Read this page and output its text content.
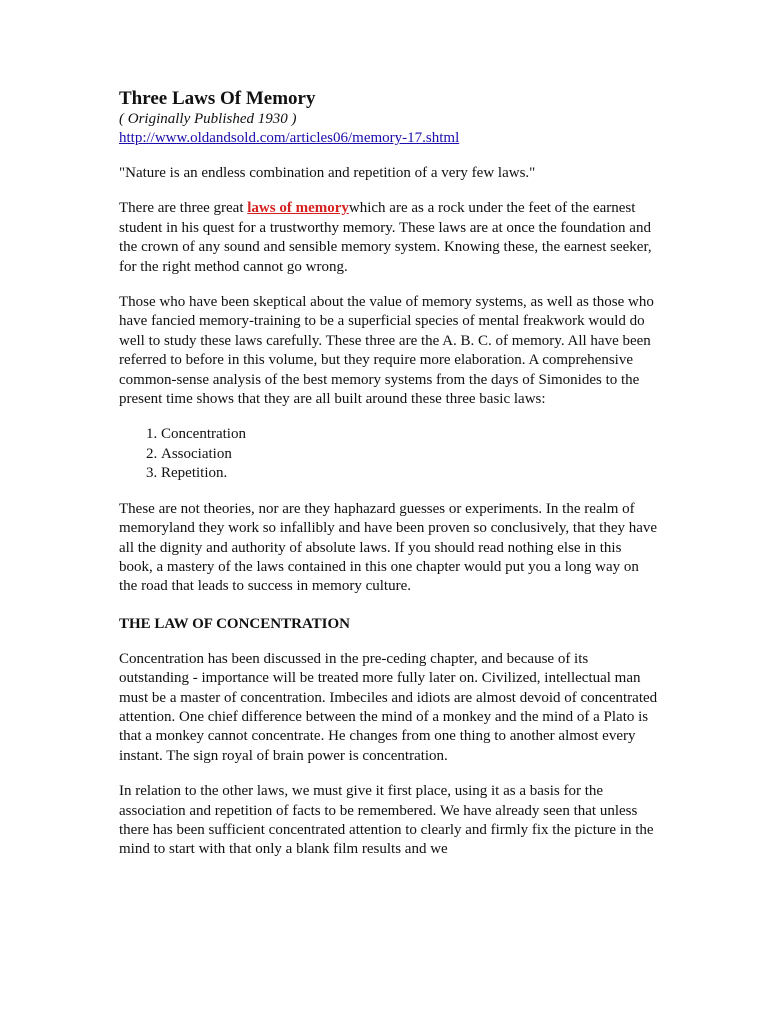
Three Laws Of Memory
( Originally Published 1930 )
http://www.oldandsold.com/articles06/memory-17.shtml

"Nature is an endless combination and repetition of a very few laws."

There are three great laws of memorywhich are as a rock under the feet of the earnest student in his quest for a trustworthy memory. These laws are at once the foundation and the crown of any sound and sensible memory system. Knowing these, the earnest seeker, for the right method cannot go wrong.

Those who have been skeptical about the value of memory systems, as well as those who have fancied memory-training to be a superficial species of mental freakwork would do well to study these laws carefully. These three are the A. B. C. of memory. All have been referred to before in this volume, but they require more elaboration. A comprehensive common-sense analysis of the best memory systems from the days of Simonides to the present time shows that they are all built around these three basic laws:

1. Concentration
2. Association
3. Repetition.

These are not theories, nor are they haphazard guesses or experiments. In the realm of memoryland they work so infallibly and have been proven so conclusively, that they have all the dignity and authority of absolute laws. If you should read nothing else in this book, a mastery of the laws contained in this one chapter would put you a long way on the road that leads to success in memory culture.

THE LAW OF CONCENTRATION

Concentration has been discussed in the pre-ceding chapter, and because of its outstanding - importance will be treated more fully later on. Civilized, intellectual man must be a master of concentration. Imbeciles and idiots are almost devoid of concentrated attention. One chief difference between the mind of a monkey and the mind of a Plato is that a monkey cannot concentrate. He changes from one thing to another almost every instant. The sign royal of brain power is concentration.

In relation to the other laws, we must give it first place, using it as a basis for the association and repetition of facts to be remembered. We have already seen that unless there has been sufficient concentrated attention to clearly and firmly fix the picture in the mind to start with that only a blank film results and we
